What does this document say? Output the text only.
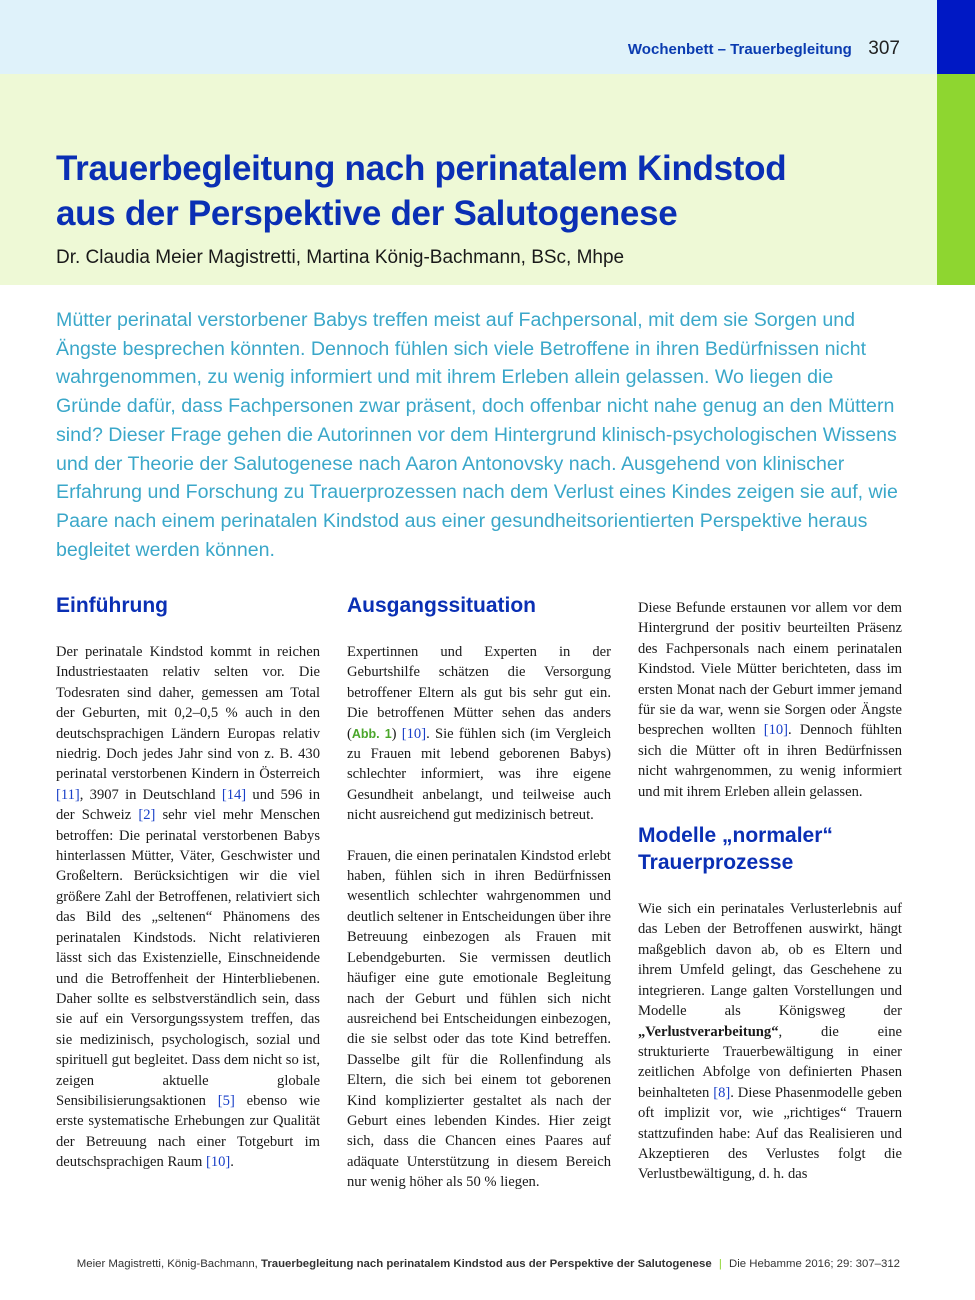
Wochenbett – Trauerbegleitung 307
Trauerbegleitung nach perinatalem Kindstod
aus der Perspektive der Salutogenese
Dr. Claudia Meier Magistretti, Martina König-Bachmann, BSc, Mhpe
Mütter perinatal verstorbener Babys treffen meist auf Fachpersonal, mit dem sie Sorgen und Ängste besprechen könnten. Dennoch fühlen sich viele Betroffene in ihren Bedürfnissen nicht wahrgenommen, zu wenig informiert und mit ihrem Erleben allein gelassen. Wo liegen die Gründe dafür, dass Fachpersonen zwar präsent, doch offenbar nicht nahe genug an den Müttern sind? Dieser Frage gehen die Autorinnen vor dem Hintergrund klinisch-psychologischen Wissens und der Theorie der Salutogenese nach Aaron Antonovsky nach. Ausgehend von klinischer Erfahrung und Forschung zu Trauerprozessen nach dem Verlust eines Kindes zeigen sie auf, wie Paare nach einem perinatalen Kindstod aus einer gesundheitsorientierten Perspektive heraus begleitet werden können.
Einführung

Der perinatale Kindstod kommt in reichen Industriestaaten relativ selten vor. Die Todesraten sind daher, gemessen am Total der Geburten, mit 0,2–0,5 % auch in den deutschsprachigen Ländern Europas relativ niedrig. Doch jedes Jahr sind von z. B. 430 perinatal verstorbenen Kindern in Österreich [11], 3907 in Deutschland [14] und 596 in der Schweiz [2] sehr viel mehr Menschen betroffen: Die perinatal verstorbenen Babys hinterlassen Mütter, Väter, Geschwister und Großeltern. Berücksichtigen wir die viel größere Zahl der Betroffenen, relativiert sich das Bild des „seltenen“ Phänomens des perinatalen Kindstods. Nicht relativieren lässt sich das Existenzielle, Einschneidende und die Betroffenheit der Hinterbliebenen. Daher sollte es selbstverständlich sein, dass sie auf ein Versorgungssystem treffen, das sie medizinisch, psychologisch, sozial und spirituell gut begleitet. Dass dem nicht so ist, zeigen aktuelle globale Sensibilisierungsaktionen [5] ebenso wie erste systematische Erhebungen zur Qualität der Betreuung nach einer Totgeburt im deutschsprachigen Raum [10].

Ausgangssituation

Expertinnen und Experten in der Geburtshilfe schätzen die Versorgung betroffener Eltern als gut bis sehr gut ein. Die betroffenen Mütter sehen das anders (Abb. 1) [10]. Sie fühlen sich (im Vergleich zu Frauen mit lebend geborenen Babys) schlechter informiert, was ihre eigene Gesundheit anbelangt, und teilweise auch nicht ausreichend gut medizinisch betreut.

Frauen, die einen perinatalen Kindstod erlebt haben, fühlen sich in ihren Bedürfnissen wesentlich schlechter wahrgenommen und deutlich seltener in Entscheidungen über ihre Betreuung einbezogen als Frauen mit Lebendgeburten. Sie vermissen deutlich häufiger eine gute emotionale Begleitung nach der Geburt und fühlen sich nicht ausreichend bei Entscheidungen einbezogen, die sie selbst oder das tote Kind betreffen. Dasselbe gilt für die Rollenfindung als Eltern, die sich bei einem tot geborenen Kind komplizierter gestaltet als nach der Geburt eines lebenden Kindes. Hier zeigt sich, dass die Chancen eines Paares auf adäquate Unterstützung in diesem Bereich nur wenig höher als 50 % liegen.

Diese Befunde erstaunen vor allem vor dem Hintergrund der positiv beurteilten Präsenz des Fachpersonals nach einem perinatalen Kindstod. Viele Mütter berichteten, dass im ersten Monat nach der Geburt immer jemand für sie da war, wenn sie Sorgen oder Ängste besprechen wollten [10]. Dennoch fühlten sich die Mütter oft in ihren Bedürfnissen nicht wahrgenommen, zu wenig informiert und mit ihrem Erleben allein gelassen.

Modelle „normaler“
Trauerprozesse

Wie sich ein perinatales Verlusterlebnis auf das Leben der Betroffenen auswirkt, hängt maßgeblich davon ab, ob es Eltern und ihrem Umfeld gelingt, das Geschehene zu integrieren. Lange galten Vorstellungen und Modelle als Königsweg der „Verlustverarbeitung“, die eine strukturierte Trauerbewältigung in einer zeitlichen Abfolge von definierten Phasen beinhalteten [8]. Diese Phasenmodelle geben oft implizit vor, wie „richtiges“ Trauern stattzufinden habe: Auf das Realisieren und Akzeptieren des Verlustes folgt die Verlustbewältigung, d. h. das

Meier Magistretti, König-Bachmann, Trauerbegleitung nach perinatalem Kindstod aus der Perspektive der Salutogenese | Die Hebamme 2016; 29: 307–312
